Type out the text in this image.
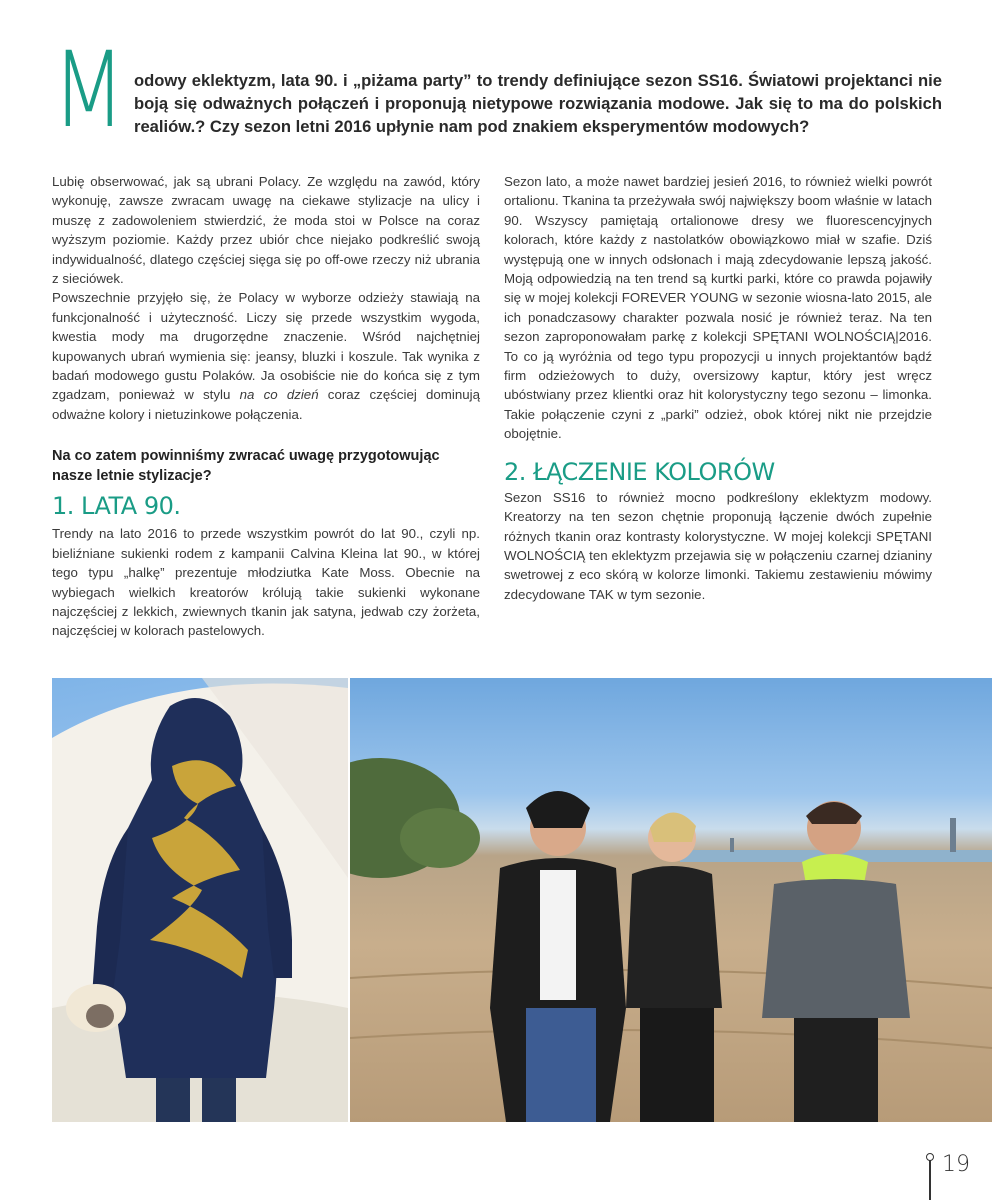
M odowy eklektyzm, lata 90. i „piżama party” to trendy definiujące sezon SS16. Światowi projektanci nie boją się odważnych połączeń i proponują nietypowe rozwiązania modowe. Jak się to ma do polskich realiów.? Czy sezon letni 2016 upłynie nam pod znakiem eksperymentów modowych?

Lubię obserwować, jak są ubrani Polacy. Ze względu na zawód, który wykonuję, zawsze zwracam uwagę na ciekawe stylizacje na ulicy i muszę z zadowoleniem stwierdzić, że moda stoi w Polsce na coraz wyższym poziomie. Każdy przez ubiór chce niejako podkreślić swoją indywidualność, dlatego częściej sięga się po off-owe rzeczy niż ubrania z sieciówek.

Powszechnie przyjęło się, że Polacy w wyborze odzieży stawiają na funkcjonalność i użyteczność. Liczy się przede wszystkim wygoda, kwestia mody ma drugorzędne znaczenie. Wśród najchętniej kupowanych ubrań wymienia się: jeansy, bluzki i koszule. Tak wynika z badań modowego gustu Polaków. Ja osobiście nie do końca się z tym zgadzam, ponieważ w stylu na co dzień coraz częściej dominują odważne kolory i nietuzinkowe połączenia.

Na co zatem powinniśmy zwracać uwagę przygotowując nasze letnie stylizacje?

1. LATA 90.

Trendy na lato 2016 to przede wszystkim powrót do lat 90., czyli np. bieliźniane sukienki rodem z kampanii Calvina Kleina lat 90., w której tego typu „halkę” prezentuje młodziutka Kate Moss. Obecnie na wybiegach wielkich kreatorów królują takie sukienki wykonane najczęściej z lekkich, zwiewnych tkanin jak satyna, jedwab czy żorżeta, najczęściej w kolorach pastelowych.

Sezon lato, a może nawet bardziej jesień 2016, to również wielki powrót ortalionu. Tkanina ta przeżywała swój największy boom właśnie w latach 90. Wszyscy pamiętają ortalionowe dresy we fluorescencyjnych kolorach, które każdy z nastolatków obowiązkowo miał w szafie. Dziś występują one w innych odsłonach i mają zdecydowanie lepszą jakość. Moją odpowiedzią na ten trend są kurtki parki, które co prawda pojawiły się w mojej kolekcji FOREVER YOUNG w sezonie wiosna-lato 2015, ale ich ponadczasowy charakter pozwala nosić je również teraz. Na ten sezon zaproponowałam parkę z kolekcji SPĘTANI WOLNOŚCIĄ|2016. To co ją wyróżnia od tego typu propozycji u innych projektantów bądź firm odzieżowych to duży, oversizowy kaptur, który jest wręcz ubóstwiany przez klientki oraz hit kolorystyczny tego sezonu – limonka. Takie połączenie czyni z „parki” odzież, obok której nikt nie przejdzie obojętnie.

2. ŁĄCZENIE KOLORÓW

Sezon SS16 to również mocno podkreślony eklektyzm modowy. Kreatorzy na ten sezon chętnie proponują łączenie dwóch zupełnie różnych tkanin oraz kontrasty kolorystyczne. W mojej kolekcji SPĘTANI WOLNOŚCIĄ ten eklektyzm przejawia się w połączeniu czarnej dzianiny swetrowej z eco skórą w kolorze limonki. Takiemu zestawieniu mówimy zdecydowane TAK w tym sezonie.

19
